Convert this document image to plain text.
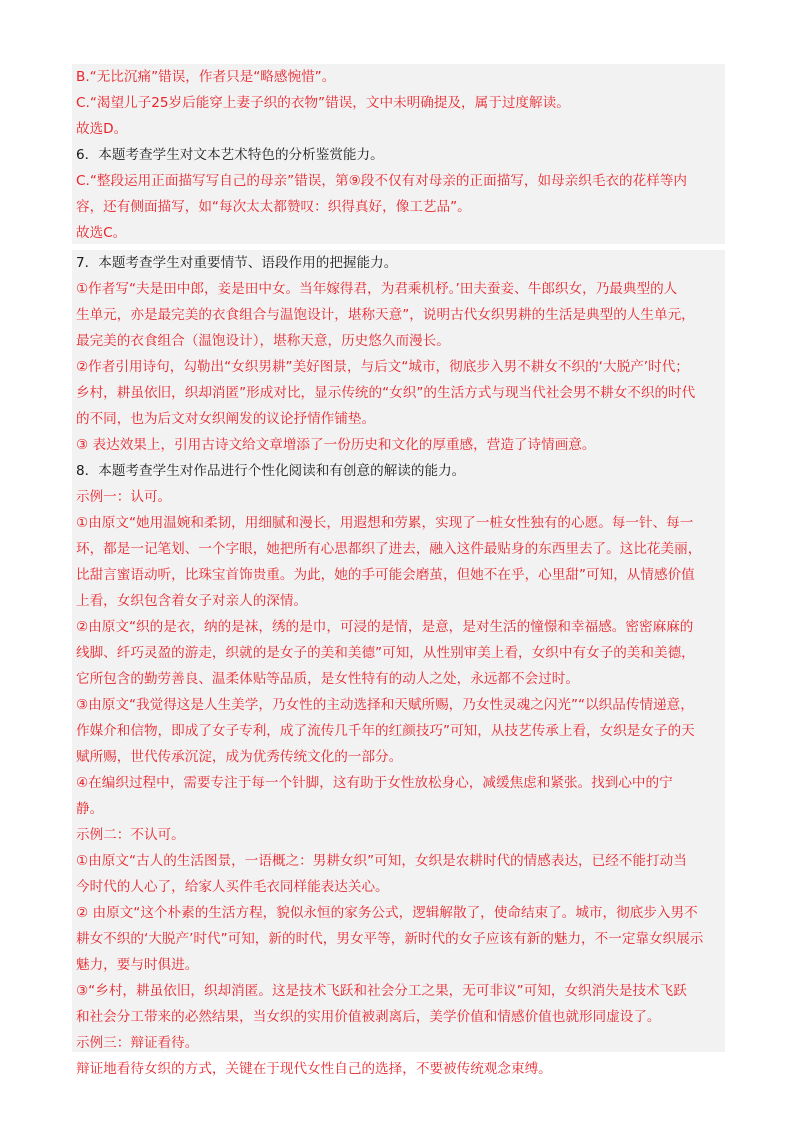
B.“无比沉痛”错误，作者只是“略感惋惜”。
C.“渴望儿子25岁后能穿上妻子织的衣物”错误，文中未明确提及，属于过度解读。
故选D。
6．本题考查学生对文本艺术特色的分析鉴赏能力。
C.“整段运用正面描写写自己的母亲”错误，第⑨段不仅有对母亲的正面描写，如母亲织毛衣的花样等内
容，还有侧面描写，如“每次太太都赞叹：织得真好，像工艺品”。
故选C。
7．本题考查学生对重要情节、语段作用的把握能力。
①作者写“夫是田中郎，妾是田中女。当年嫁得君，为君乘机杼。’田夫蚕妾、牛郎织女，乃最典型的人
生单元，亦是最完美的衣食组合与温饱设计，堪称天意”，说明古代女织男耕的生活是典型的人生单元，
最完美的衣食组合（温饱设计），堪称天意，历史悠久而漫长。
②作者引用诗句，勾勒出“女织男耕”美好图景，与后文“城市，彻底步入男不耕女不织的‘大脱产’时代；
乡村，耕虽依旧，织却消匿”形成对比，显示传统的“女织”的生活方式与现当代社会男不耕女不织的时代
的不同，也为后文对女织阐发的议论抒情作铺垫。
③ 表达效果上，引用古诗文给文章增添了一份历史和文化的厚重感，营造了诗情画意。
8．本题考查学生对作品进行个性化阅读和有创意的解读的能力。
示例一：认可。
①由原文“她用温婉和柔韧，用细腻和漫长，用遐想和劳累，实现了一桩女性独有的心愿。每一针、每一
环，都是一记笔划、一个字眼，她把所有心思都织了进去，融入这件最贴身的东西里去了。这比花美丽，
比甜言蜜语动听，比珠宝首饰贵重。为此，她的手可能会磨茧，但她不在乎，心里甜”可知，从情感价值
上看，女织包含着女子对亲人的深情。
②由原文“织的是衣，纳的是袜，绣的是巾，可浸的是情，是意，是对生活的憧憬和幸福感。密密麻麻的
线脚、纤巧灵盈的游走，织就的是女子的美和美德”可知，从性别审美上看，女织中有女子的美和美德，
它所包含的勤劳善良、温柔体贴等品质，是女性特有的动人之处，永远都不会过时。
③由原文“我觉得这是人生美学，乃女性的主动选择和天赋所赐，乃女性灵魂之闪光”“以织品传情递意，
作媒介和信物，即成了女子专利，成了流传几千年的红颜技巧”可知，从技艺传承上看，女织是女子的天
赋所赐，世代传承沉淀，成为优秀传统文化的一部分。
④在编织过程中，需要专注于每一个针脚，这有助于女性放松身心，减缓焦虑和紧张。找到心中的宁
静。
示例二：不认可。
①由原文“古人的生活图景，一语概之：男耕女织”可知，女织是农耕时代的情感表达，已经不能打动当
今时代的人心了，给家人买件毛衣同样能表达关心。
② 由原文“这个朴素的生活方程，貌似永恒的家务公式，逻辑解散了，使命结束了。城市，彻底步入男不
耕女不织的‘大脱产’时代”可知，新的时代，男女平等，新时代的女子应该有新的魅力，不一定靠女织展示
魅力，要与时俱进。
③“乡村，耕虽依旧，织却消匿。这是技术飞跃和社会分工之果，无可非议”可知，女织消失是技术飞跃
和社会分工带来的必然结果，当女织的实用价值被剥离后，美学价值和情感价值也就形同虚设了。
示例三：辩证看待。
辩证地看待女织的方式，关键在于现代女性自己的选择，不要被传统观念束缚。
